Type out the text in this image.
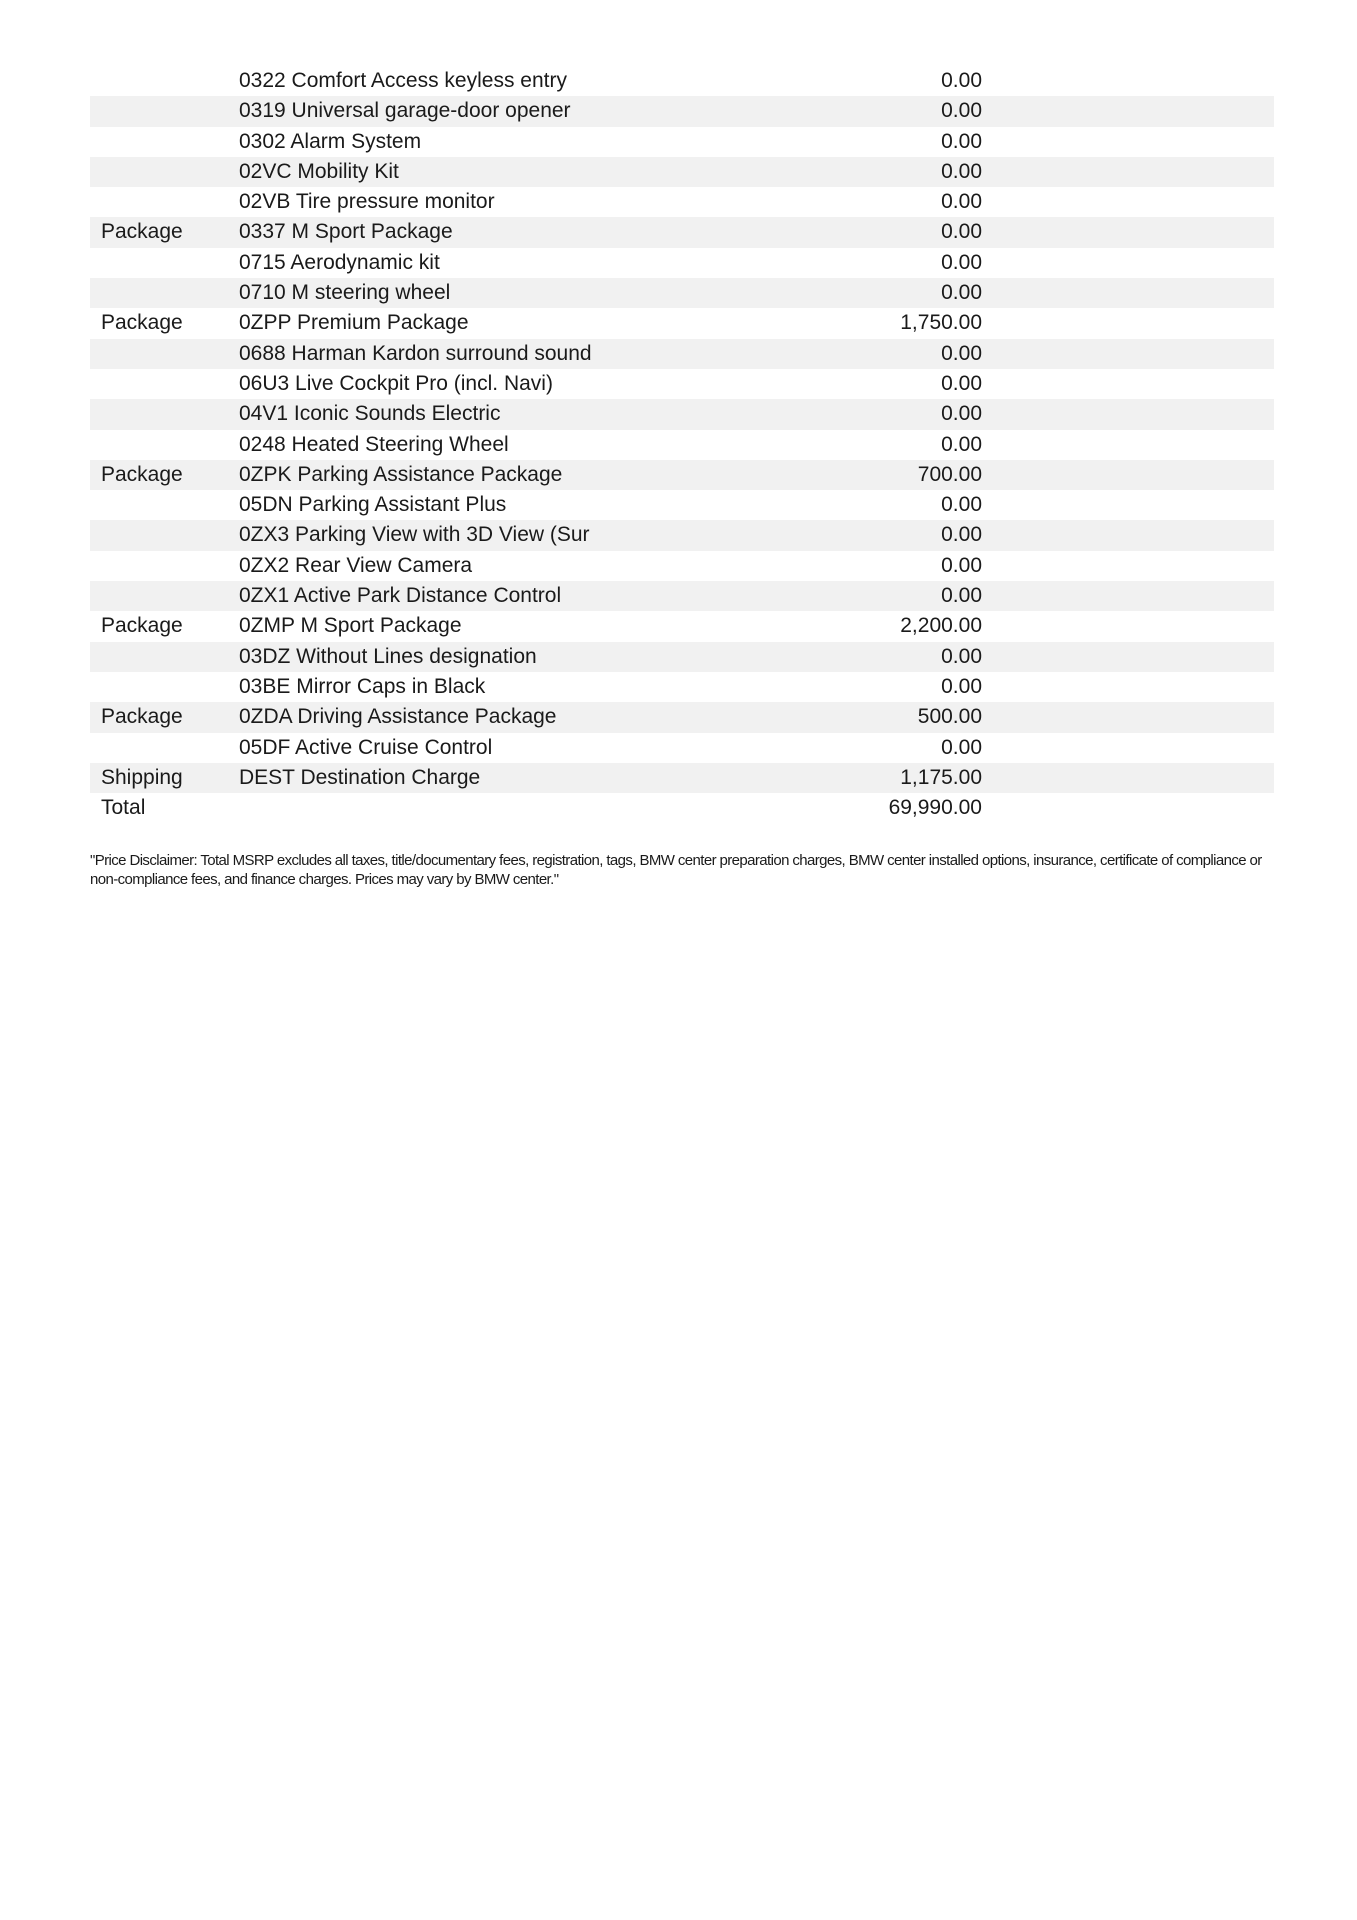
0322 Comfort Access keyless entry	0.00
0319 Universal garage-door opener	0.00
0302 Alarm System	0.00
02VC Mobility Kit	0.00
02VB Tire pressure monitor	0.00
Package	0337 M Sport Package	0.00
0715 Aerodynamic kit	0.00
0710 M steering wheel	0.00
Package	0ZPP Premium Package	1,750.00
0688 Harman Kardon surround sound	0.00
06U3 Live Cockpit Pro (incl. Navi)	0.00
04V1 Iconic Sounds Electric	0.00
0248 Heated Steering Wheel	0.00
Package	0ZPK Parking Assistance Package	700.00
05DN Parking Assistant Plus	0.00
0ZX3 Parking View with 3D View (Sur	0.00
0ZX2 Rear View Camera	0.00
0ZX1 Active Park Distance Control	0.00
Package	0ZMP M Sport Package	2,200.00
03DZ Without Lines designation	0.00
03BE Mirror Caps in Black	0.00
Package	0ZDA Driving Assistance Package	500.00
05DF Active Cruise Control	0.00
Shipping	DEST Destination Charge	1,175.00
Total	69,990.00

"Price Disclaimer: Total MSRP excludes all taxes, title/documentary fees, registration, tags, BMW center preparation charges, BMW center installed options, insurance, certificate of compliance or non-compliance fees, and finance charges. Prices may vary by BMW center."
